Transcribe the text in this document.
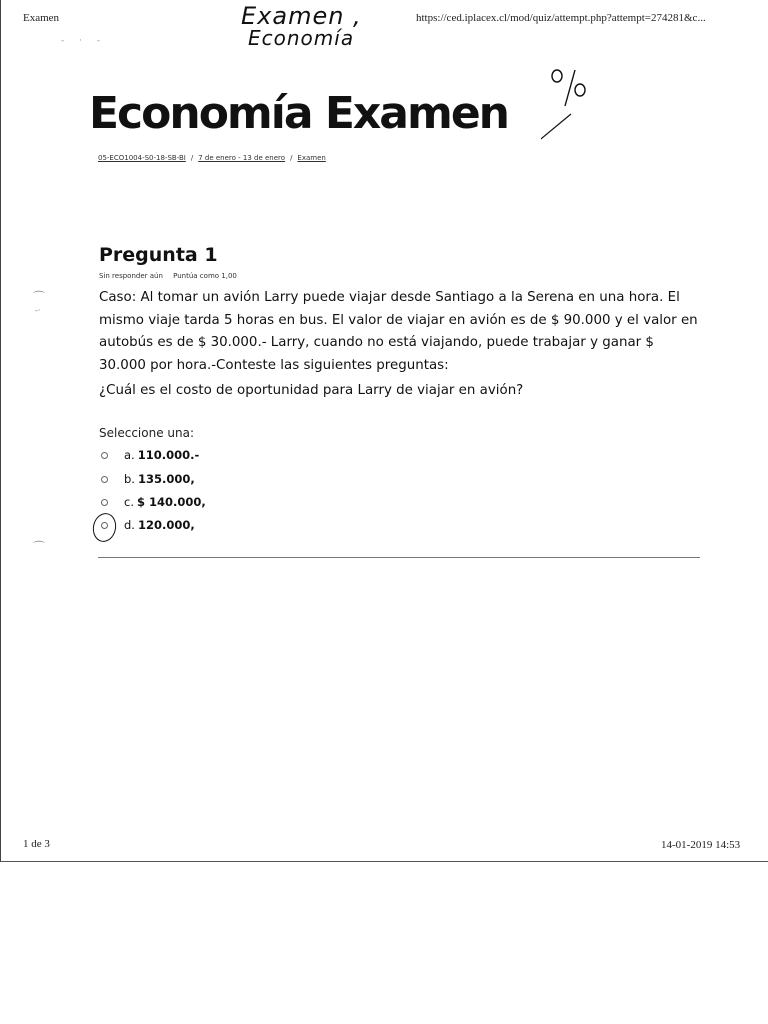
Examen	https://ced.iplacex.cl/mod/quiz/attempt.php?attempt=274281&c...
- · -
Examen ,
Economía
Economía Examen
05-ECO1004-S0-18-SB-BI / 7 de enero - 13 de enero / Examen
Pregunta 1
Sin responder aún Puntúa como 1,00
⌒
-·
⌒
Caso: Al tomar un avión Larry puede viajar desde Santiago a la Serena en una hora. El mismo viaje tarda 5 horas en bus. El valor de viajar en avión es de $ 90.000 y el valor en autobús es de $ 30.000.- Larry, cuando no está viajando, puede trabajar y ganar $ 30.000 por hora.-Conteste las siguientes preguntas:
¿Cuál es el costo de oportunidad para Larry de viajar en avión?
Seleccione una:
a. 110.000.-
b. 135.000,
c. $ 140.000,
d. 120.000,
1 de 3	14-01-2019 14:53
